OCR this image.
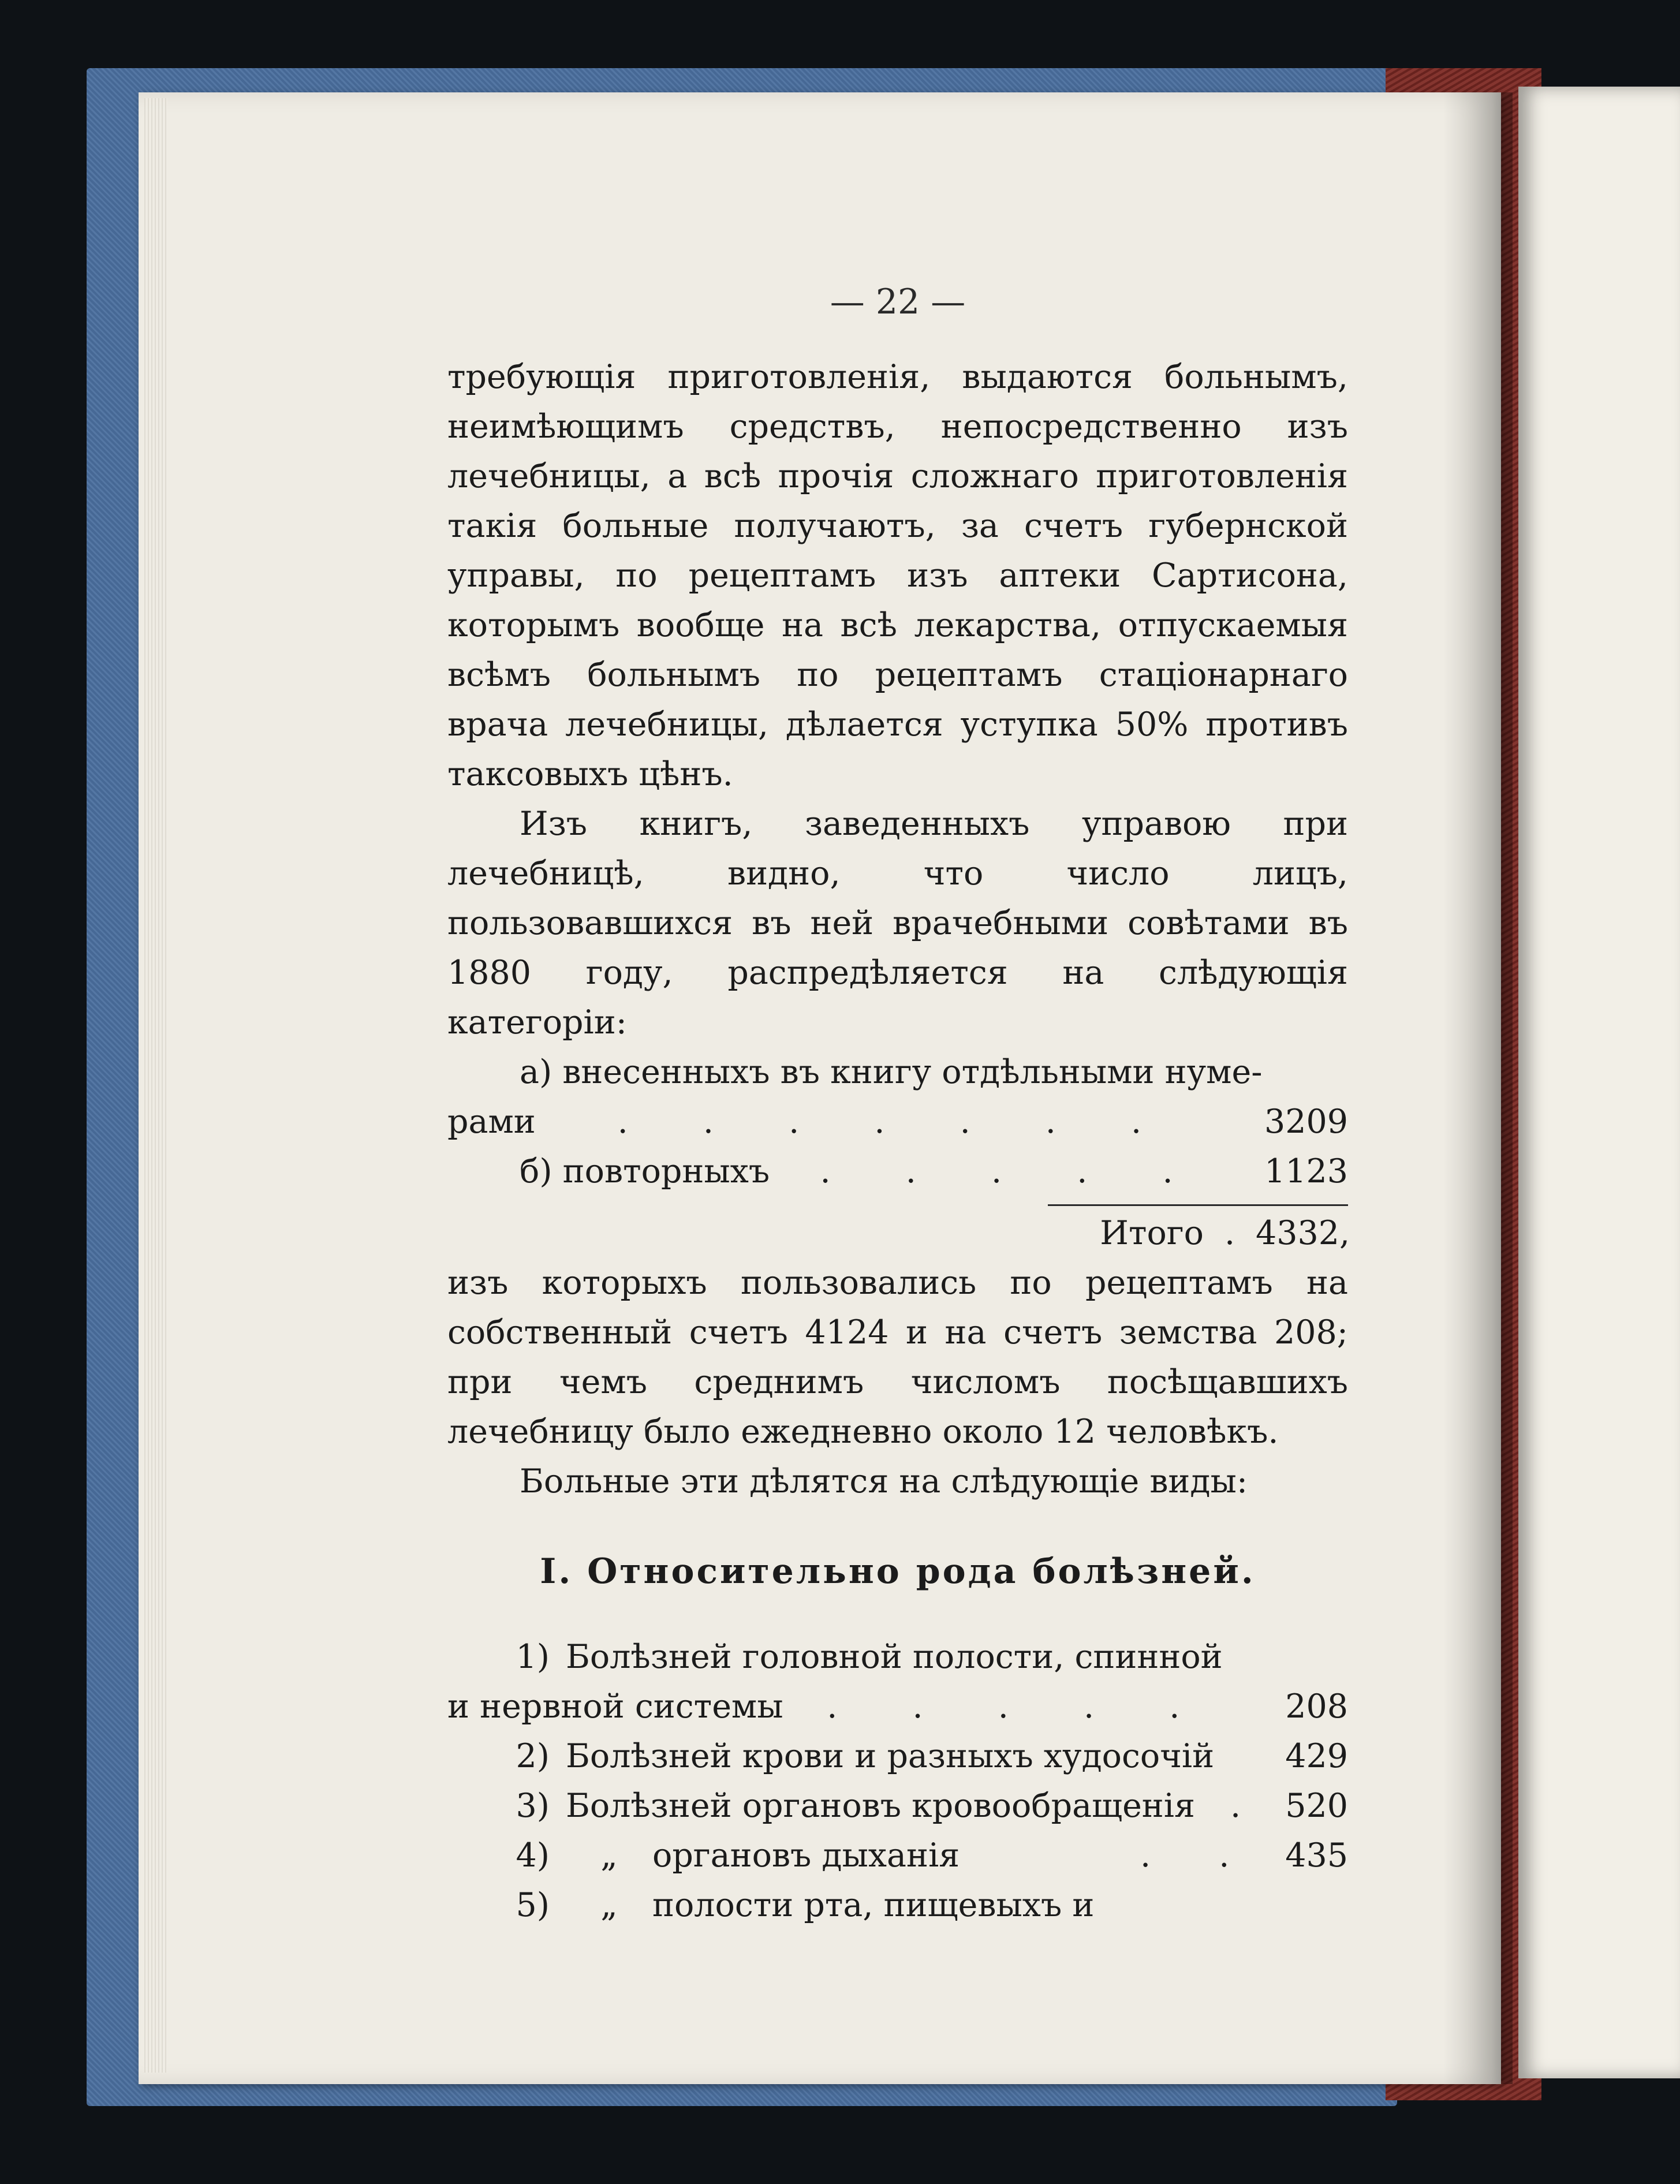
— 22 —

требующія приготовленія, выдаются больнымъ, неимѣющимъ средствъ, непосредственно изъ лечебницы, а всѣ прочія сложнаго приготовленія такія больные получаютъ, за счетъ губернской управы, по рецептамъ изъ аптеки Сартисона, которымъ вообще на всѣ лекарства, отпускаемыя всѣмъ больнымъ по рецептамъ стаціонарнаго врача лечебницы, дѣлается уступка 50% противъ таксовыхъ цѣнъ.

Изъ книгъ, заведенныхъ управою при лечебницѣ, видно, что число лицъ, пользовавшихся въ ней врачебными совѣтами въ 1880 году, распредѣляется на слѣдующія категоріи:

а) внесенныхъ въ книгу отдѣльными нуме-
рами	. . . . . . .	3209
б) повторныхъ	. . . . .	1123
Итого . 4332,

изъ которыхъ пользовались по рецептамъ на собственный счетъ 4124 и на счетъ земства 208; при чемъ среднимъ числомъ посѣщавшихъ лечебницу было ежедневно около 12 человѣкъ.

Больные эти дѣлятся на слѣдующіе виды:

I. Относительно рода болѣзней.
1) Болѣзней головной полости, спинной
и нервной системы	. . . . .	208
2) Болѣзней крови и разныхъ худосочій	429
3) Болѣзней органовъ кровообращенія	.	520
4)	„	органовъ дыханія	. . 435
5)	„	полости рта, пищевыхъ и
